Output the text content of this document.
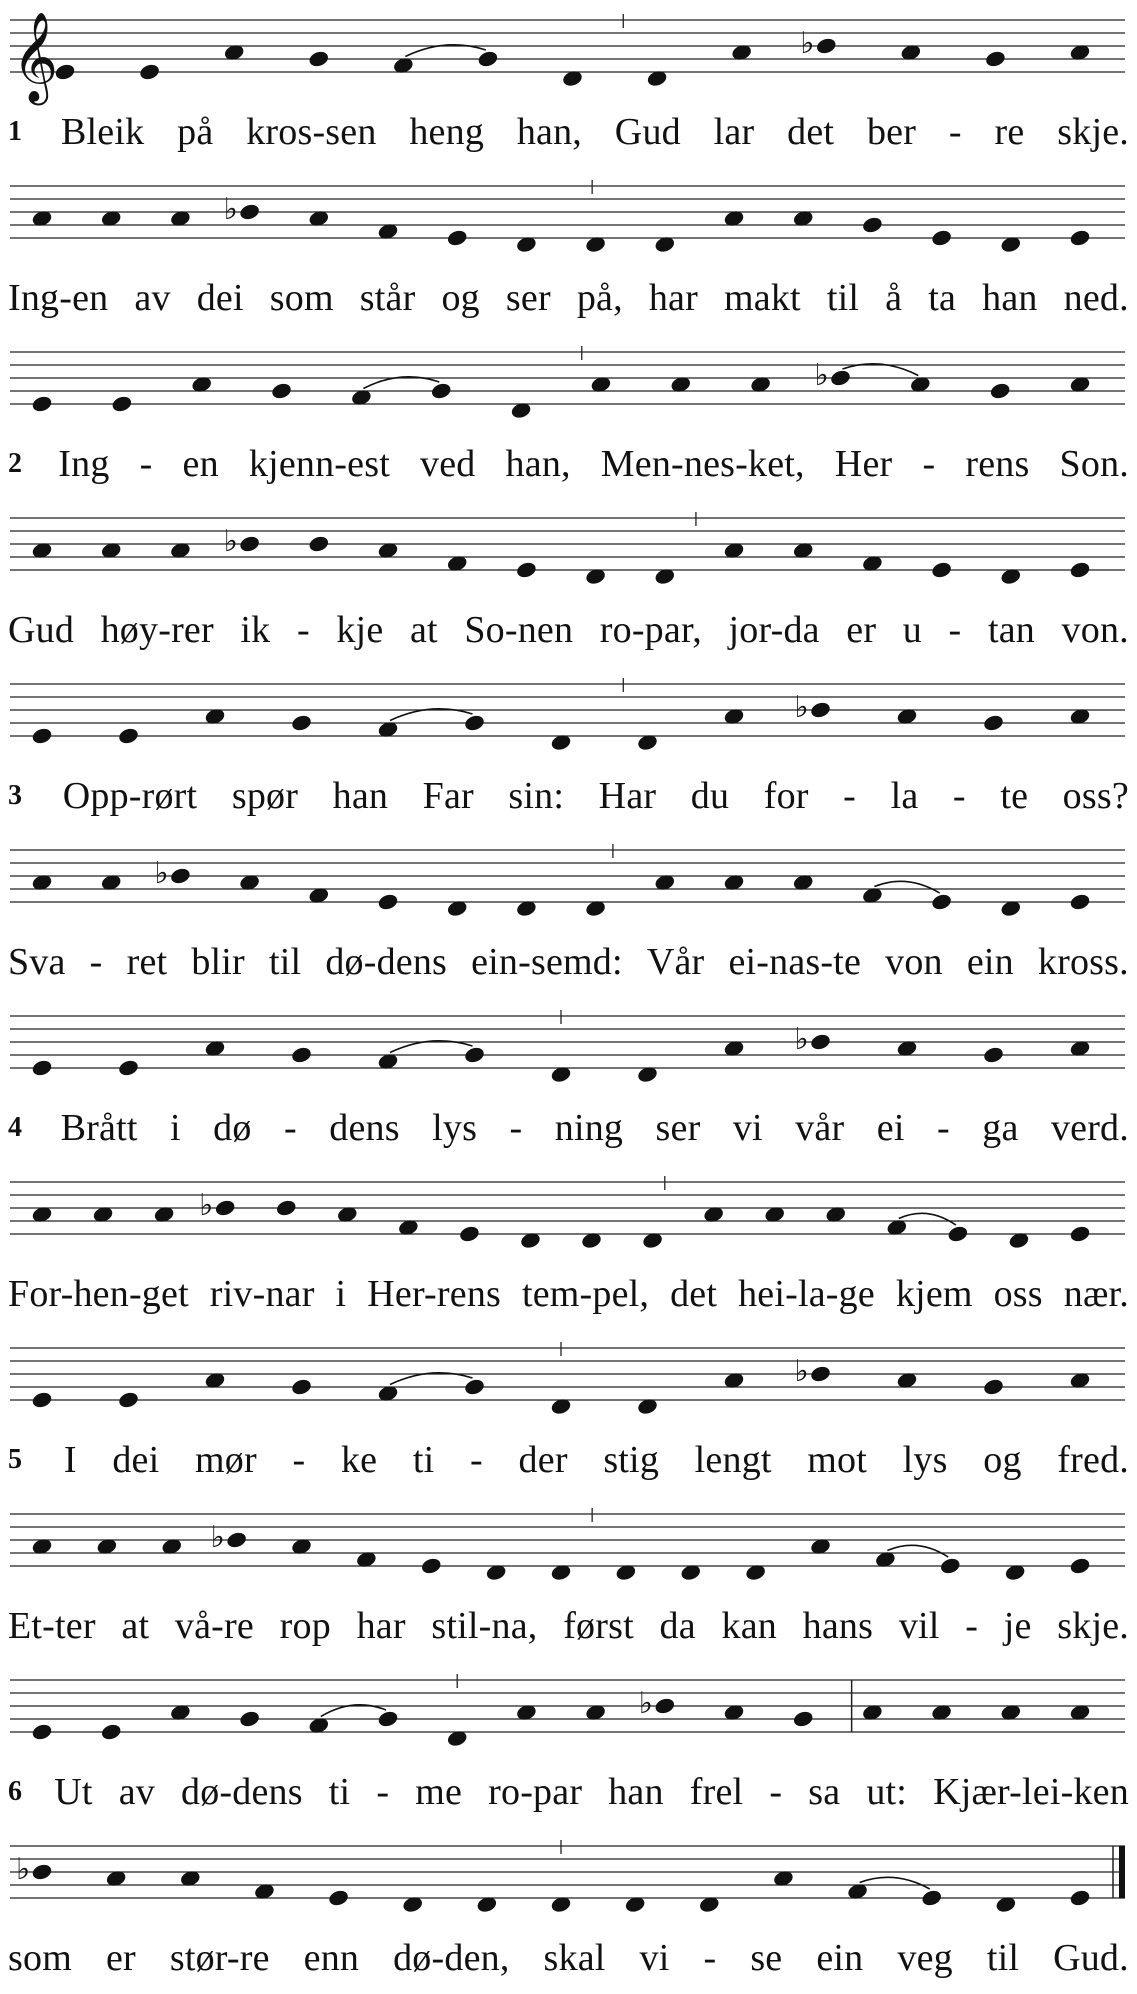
𝄞	♭
♭
♭
♭
♭
♭
♭
♭
♭
♭
♭
♭
1 Bleik på kros-sen heng han, Gud lar det ber - re skje.
Ing-en av dei som står og ser på, har makt til å ta han ned.
2 Ing - en kjenn-est ved han, Men-nes-ket, Her - rens Son.
Gud høy-rer ik - kje at So-nen ro-par, jor-da er u - tan von.
3 Opp-rørt spør han Far sin: Har du for - la - te oss?
Sva - ret blir til dø-dens ein-semd: Vår ei-nas-te von ein kross.
4 Brått i dø - dens lys - ning ser vi vår ei - ga verd.
For-hen-get riv-nar i Her-rens tem-pel, det hei-la-ge kjem oss nær.
5 I dei mør - ke ti - der stig lengt mot lys og fred.
Et-ter at vå-re rop har stil-na, først da kan hans vil - je skje.
6 Ut av dø-dens ti - me ro-par han frel - sa ut: Kjær-lei-ken
som er stør-re enn dø-den, skal vi - se ein veg til Gud.
